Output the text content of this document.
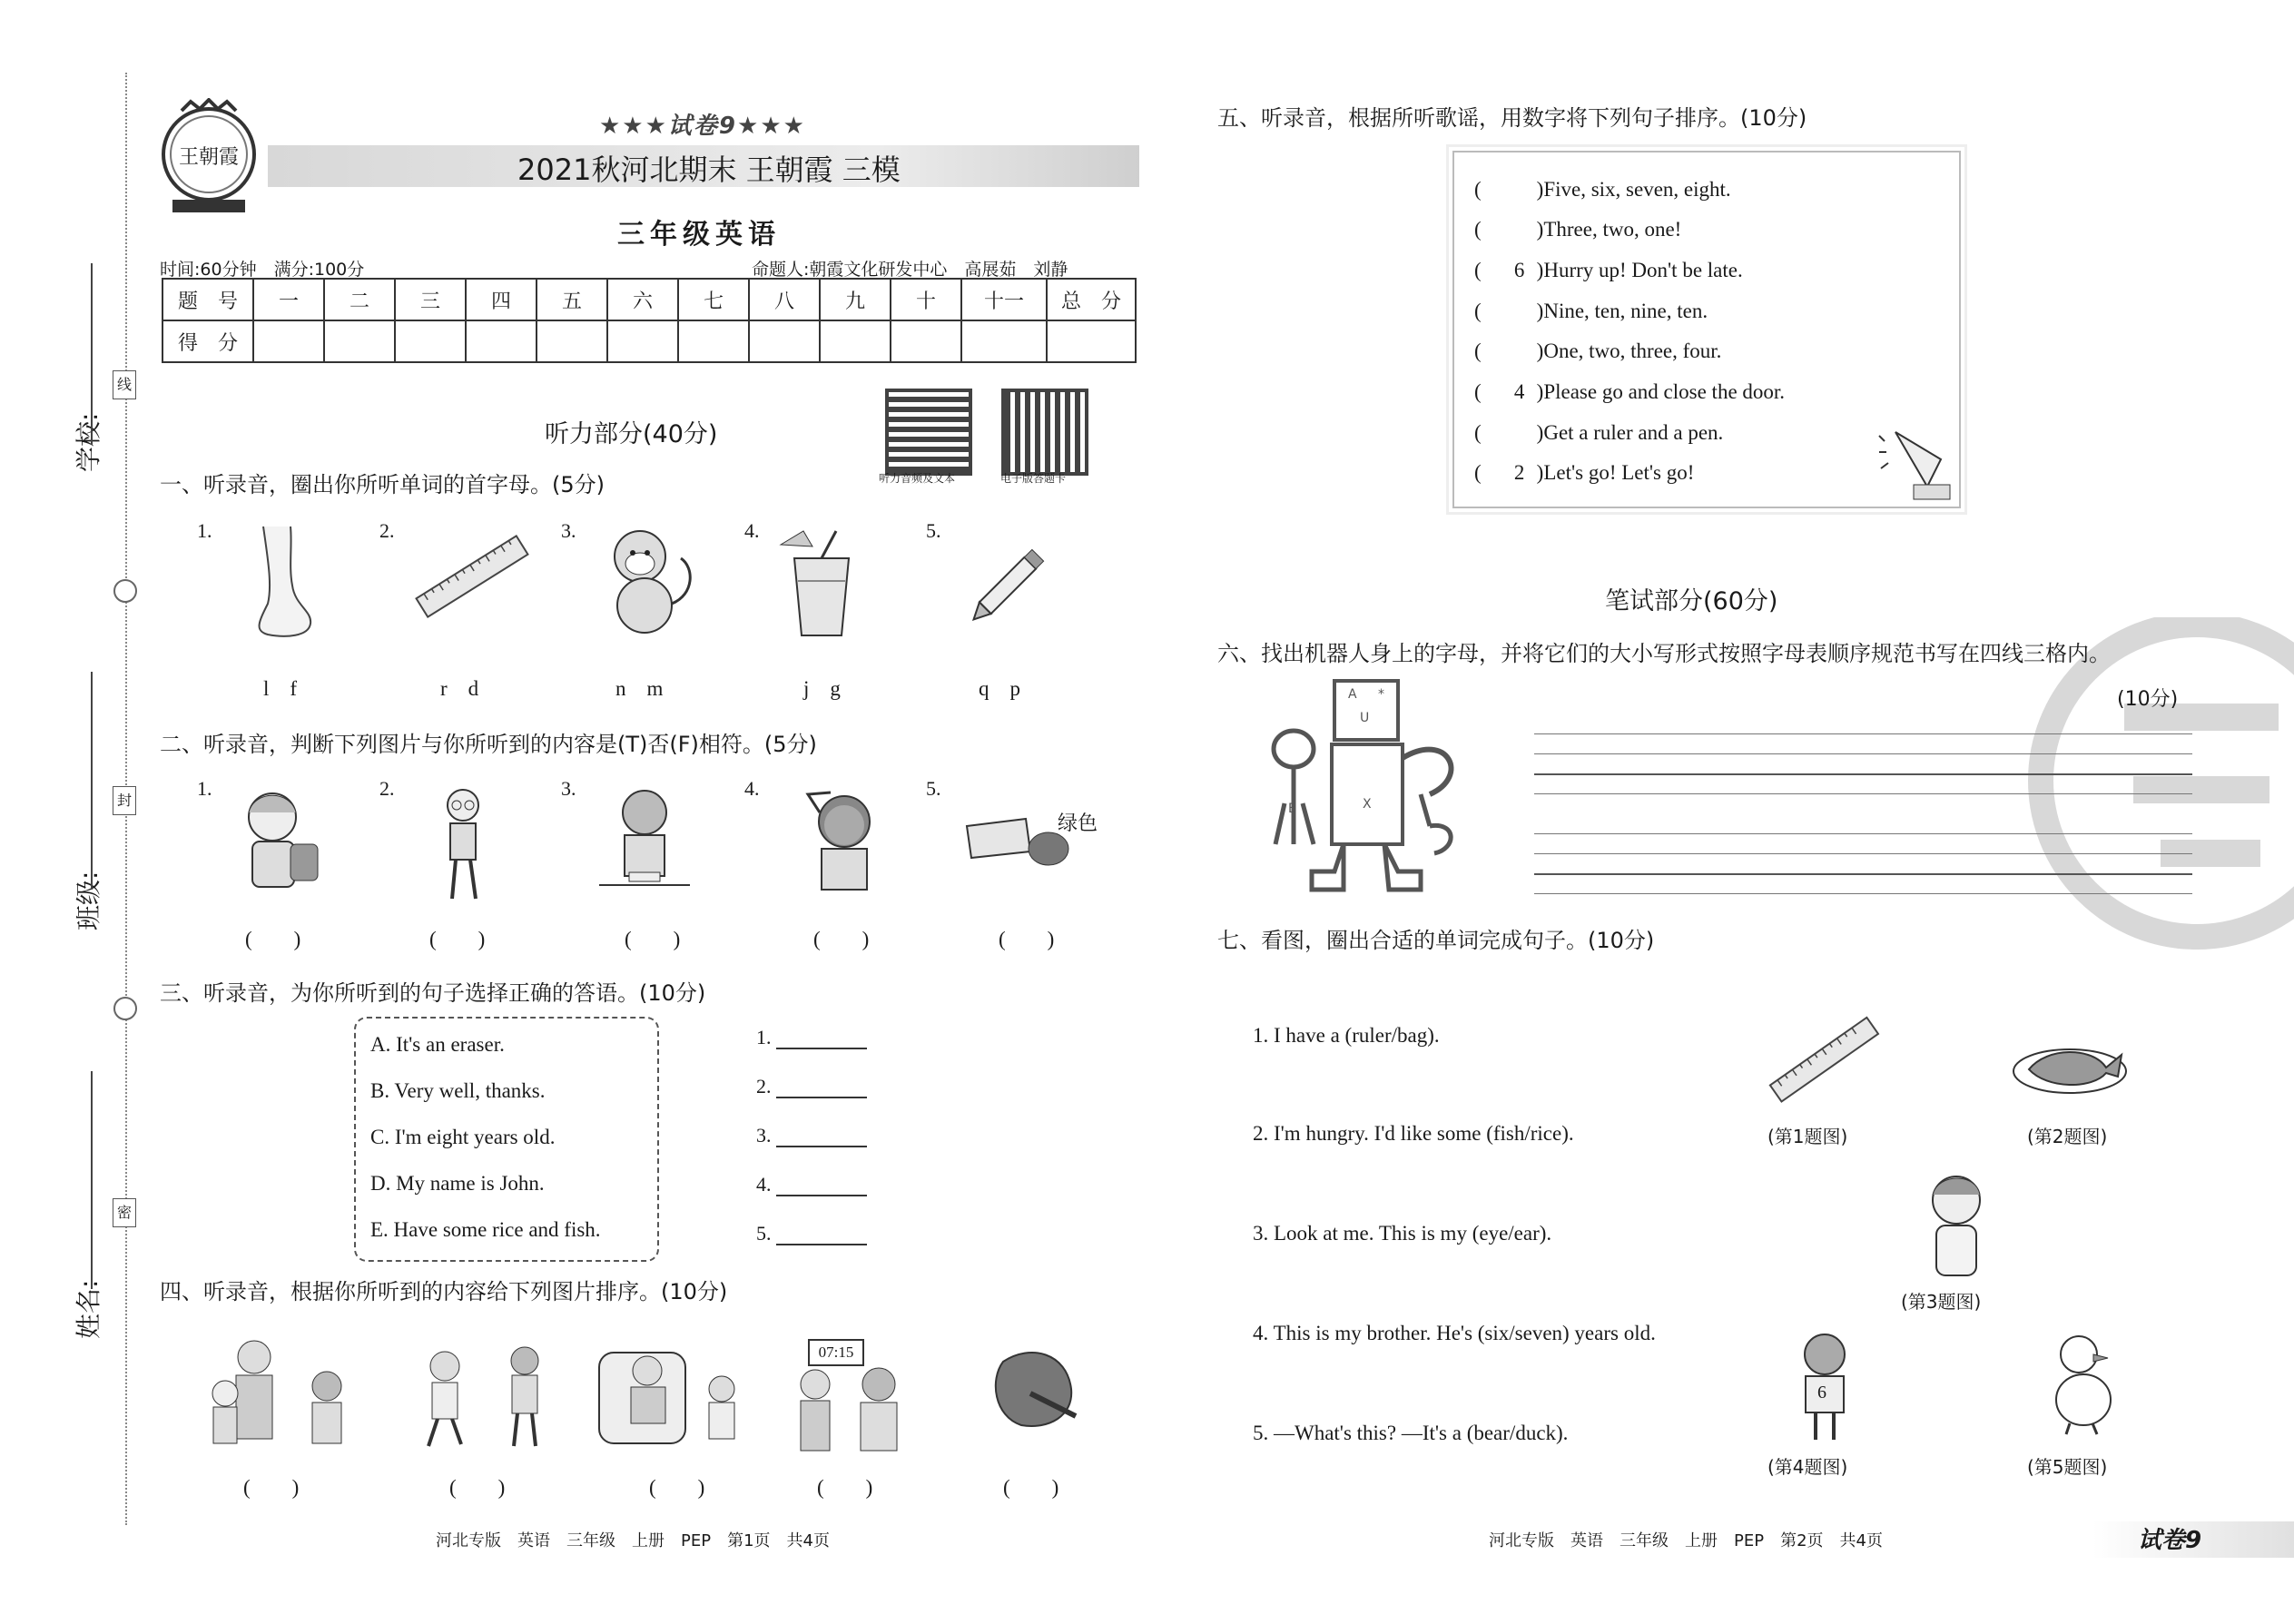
学校:
班级:
姓名:
线
封
密
王朝霞
★★★试卷9★★★
2021秋河北期末 王朝霞 三模
三年级英语
时间:60分钟　满分:100分	命题人:朝霞文化研发中心　高展茹　刘静
题　号	一	二	三	四	五	六	七	八	九	十	十一	总　分
得　分												
听力部分(40分)
听力音频及文本	电子版答题卡
一、听录音，圈出你所听单词的首字母。(5分)
1.	2.	3.	4.	5.
l　f	r　d	n　m	j　g	q　p
二、听录音，判断下列图片与你所听到的内容是(T)否(F)相符。(5分)
1.	2.	3.	4.	5.
绿色
(　　)	(　　)	(　　)	(　　)	(　　)
三、听录音，为你所听到的句子选择正确的答语。(10分)
A. It's an eraser.
B. Very well, thanks.
C. I'm eight years old.
D. My name is John.
E. Have some rice and fish.
1.
2.
3.
4.
5.
四、听录音，根据你所听到的内容给下列图片排序。(10分)
07:15
(　　)	(　　)	(　　)	(　　)	(　　)
河北专版　英语　三年级　上册　PEP　第1页　共4页
五、听录音，根据所听歌谣，用数字将下列句子排序。(10分)
(　)Five, six, seven, eight.
(　)Three, two, one!
(　6 )Hurry up! Don't be late.
(　)Nine, ten, nine, ten.
(　)One, two, three, four.
(　4 )Please go and close the door.
(　)Get a ruler and a pen.
(　2 )Let's go! Let's go!
笔试部分(60分)
六、找出机器人身上的字母，并将它们的大小写形式按照字母表顺序规范书写在四线三格内。
(10分)
A *
U
X
E
七、看图，圈出合适的单词完成句子。(10分)
1. I have a (ruler/bag).
2. I'm hungry. I'd like some (fish/rice).
3. Look at me. This is my (eye/ear).
4. This is my brother. He's (six/seven) years old.
5. —What's this? —It's a (bear/duck).
(第1题图)	(第2题图)
(第3题图)
6
(第4题图)	(第5题图)
河北专版　英语　三年级　上册　PEP　第2页　共4页	试卷9
